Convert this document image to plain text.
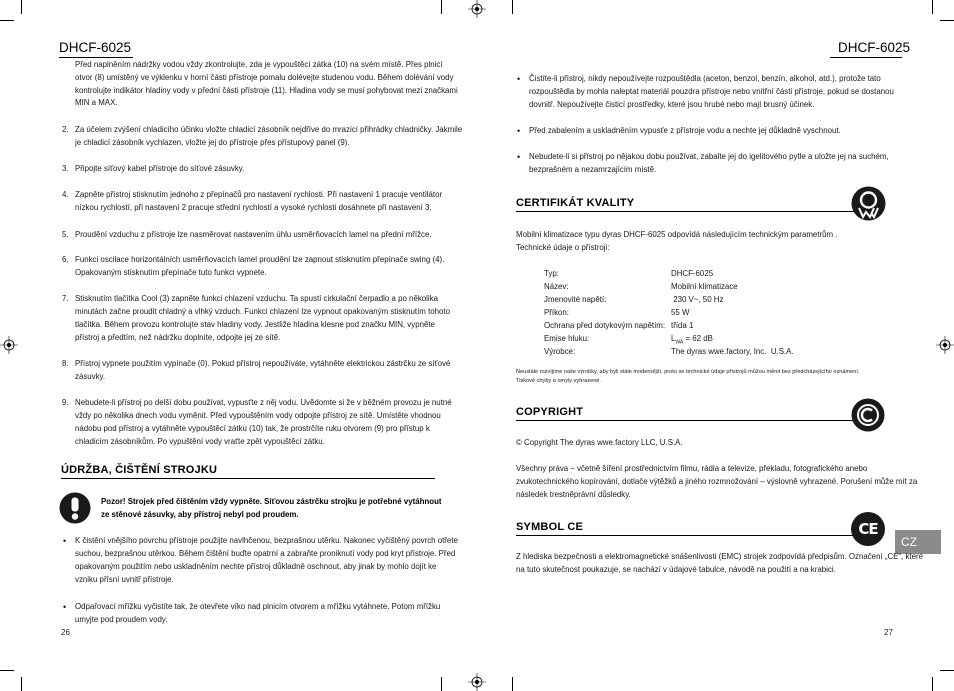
DHCF-6025
Před naplněním nádržky vodou vždy zkontrolujte, zda je vypouštěcí zátka (10) na svém místě. Přes plnicí
otvor (8) umístěný ve výklenku v horní části přístroje pomalu dolévejte studenou vodu. Během dolévání vody
kontrolujte indikátor hladiny vody v přední části přístroje (11). Hladina vody se musí pohybovat mezi značkami
MIN a MAX.
2. Za účelem zvýšení chladicího účinku vložte chladicí zásobník nejdříve do mrazicí přihrádky chladničky. Jakmile
je chladicí zásobník vychlazen, vložte jej do přístroje přes přístupový panel (9).
3. Připojte síťový kabel přístroje do síťové zásuvky.
4. Zapněte přístroj stisknutím jednoho z přepínačů pro nastavení rychlosti. Při nastavení 1 pracuje ventilátor
nízkou rychlostí, při nastavení 2 pracuje střední rychlostí a vysoké rychlosti dosáhnete při nastavení 3.
5. Proudění vzduchu z přístroje lze nasměrovat nastavením úhlu usměrňovacích lamel na přední mřížce.
6. Funkci oscilace horizontálních usměrňovacích lamel proudění lze zapnout stisknutím přepínače swing (4).
Opakovaným stisknutím přepínače tuto funkci vypnete.
7. Stisknutím tlačítka Cool (3) zapněte funkci chlazení vzduchu. Ta spustí cirkulační čerpadlo a po několika
minutách začne proudit chladný a vlhký vzduch. Funkci chlazení lze vypnout opakovaným stisknutím tohoto
tlačítka. Během provozu kontrolujte stav hladiny vody. Jestliže hladina klesne pod značku MIN, vypněte
přístroj a předtím, než nádržku doplníte, odpojte jej ze sítě.
8. Přístroj vypnete použitím vypínače (0). Pokud přístroj nepoužíváte, vytáhněte elektrickou zástrčku ze síťové
zásuvky.
9. Nebudete-li přístroj po delší dobu používat, vypusťte z něj vodu. Uvědomte si že v běžném provozu je nutné
vždy po několika dnech vodu vyměnit. Před vypouštěním vody odpojte přístroj ze sítě. Umístěte vhodnou
nádobu pod přístroj a vytáhněte vypouštěcí zátku (10) tak, že prostrčíte ruku otvorem (9) pro přístup k
chladicím zásobníkům. Po vypuštění vody vraťte zpět vypouštěcí zátku.
ÚDRŽBA, ČIŠTĚNÍ STROJKU
Pozor! Strojek před čištěním vždy vypněte. Síťovou zástrčku strojku je potřebné vytáhnout
ze stěnové zásuvky, aby přístroj nebyl pod proudem.
• K čistění vnějšího povrchu přístroje použijte navlhčenou, bezprašnou utěrku. Nakonec vyčištěný povrch otřete
suchou, bezprašnou utěrkou. Během čištění buďte opatrní a zabraňte proniknutí vody pod kryt přístroje. Před
opakovaným použitím nebo uskladněním nechte přístroj důkladně oschnout, aby jinak by mohlo dojít ke
vzniku přísní uvnitř přístroje.
• Odpařovací mřížku vyčistíte tak, že otevřete víko nad plnicím otvorem a mřížku vytáhnete. Potom mřížku
umyjte pod proudem vody.
26
DHCF-6025
• Čistíte-li přístroj, nikdy nepoužívejte rozpouštědla (aceton, benzol, benzín, alkohol, atd.), protože tato
rozpouštědla by mohla naleptat materiál pouzdra přístroje nebo vnitřní části přístroje, pokud se dostanou
dovnitř. Nepoužívejte čisticí prostředky, které jsou hrubé nebo mají brusný účinek.
• Před zabalením a uskladněním vypusťe z přístroje vodu a nechte jej důkladně vyschnout.
• Nebudete-li si přístroj po nějakou dobu používat, zabalte jej do igelitového pytle a uložte jej na suchém,
bezprašném a nezamrzajícím místě.
CERTIFIKÁT KVALITY
Mobilní klimatizace typu dyras DHCF-6025 odpovídá následujícím technickým parametrům .
Technické údaje o přístroji:
Typ:	DHCF-6025
Název:	Mobilní klimatizace
Jmenovité napětí:	230 V~, 50 Hz
Příkon:	55 W
Ochrana před dotykovým napětím: třída 1
Emise hluku:	$L_{WA} = 62$ dB
Výrobce:	The dyras wwe.factory, Inc.  U.S.A.
Neustále rozvíjíme naše výrobky, aby byli stále modernější, proto se technické údaje přístrojů můžou měnit bez předcházejícího oznámení.
Tiskové chyby a omyly vyhrazené.
COPYRIGHT
© Copyright The dyras wwe.factory LLC, U.S.A.
Všechny práva – včetně šíření prostřednictvím filmu, rádia a televize, překladu, fotografického anebo
zvukotechnického kopírování, dotlače výtěžků a jiného rozmnožování – výslovně vyhrazené. Porušení může mít za
následek trestněprávní důsledky.
SYMBOL CE	CE
CZ
Z hlediska bezpečnosti a elektromagnetické snášenlivosti (EMC) strojek zodpovídá předpisům. Označení „CE“, které
na tuto skutečnost poukazuje, se nachází v údajové tabulce, návodě na použití a na krabici.
27
